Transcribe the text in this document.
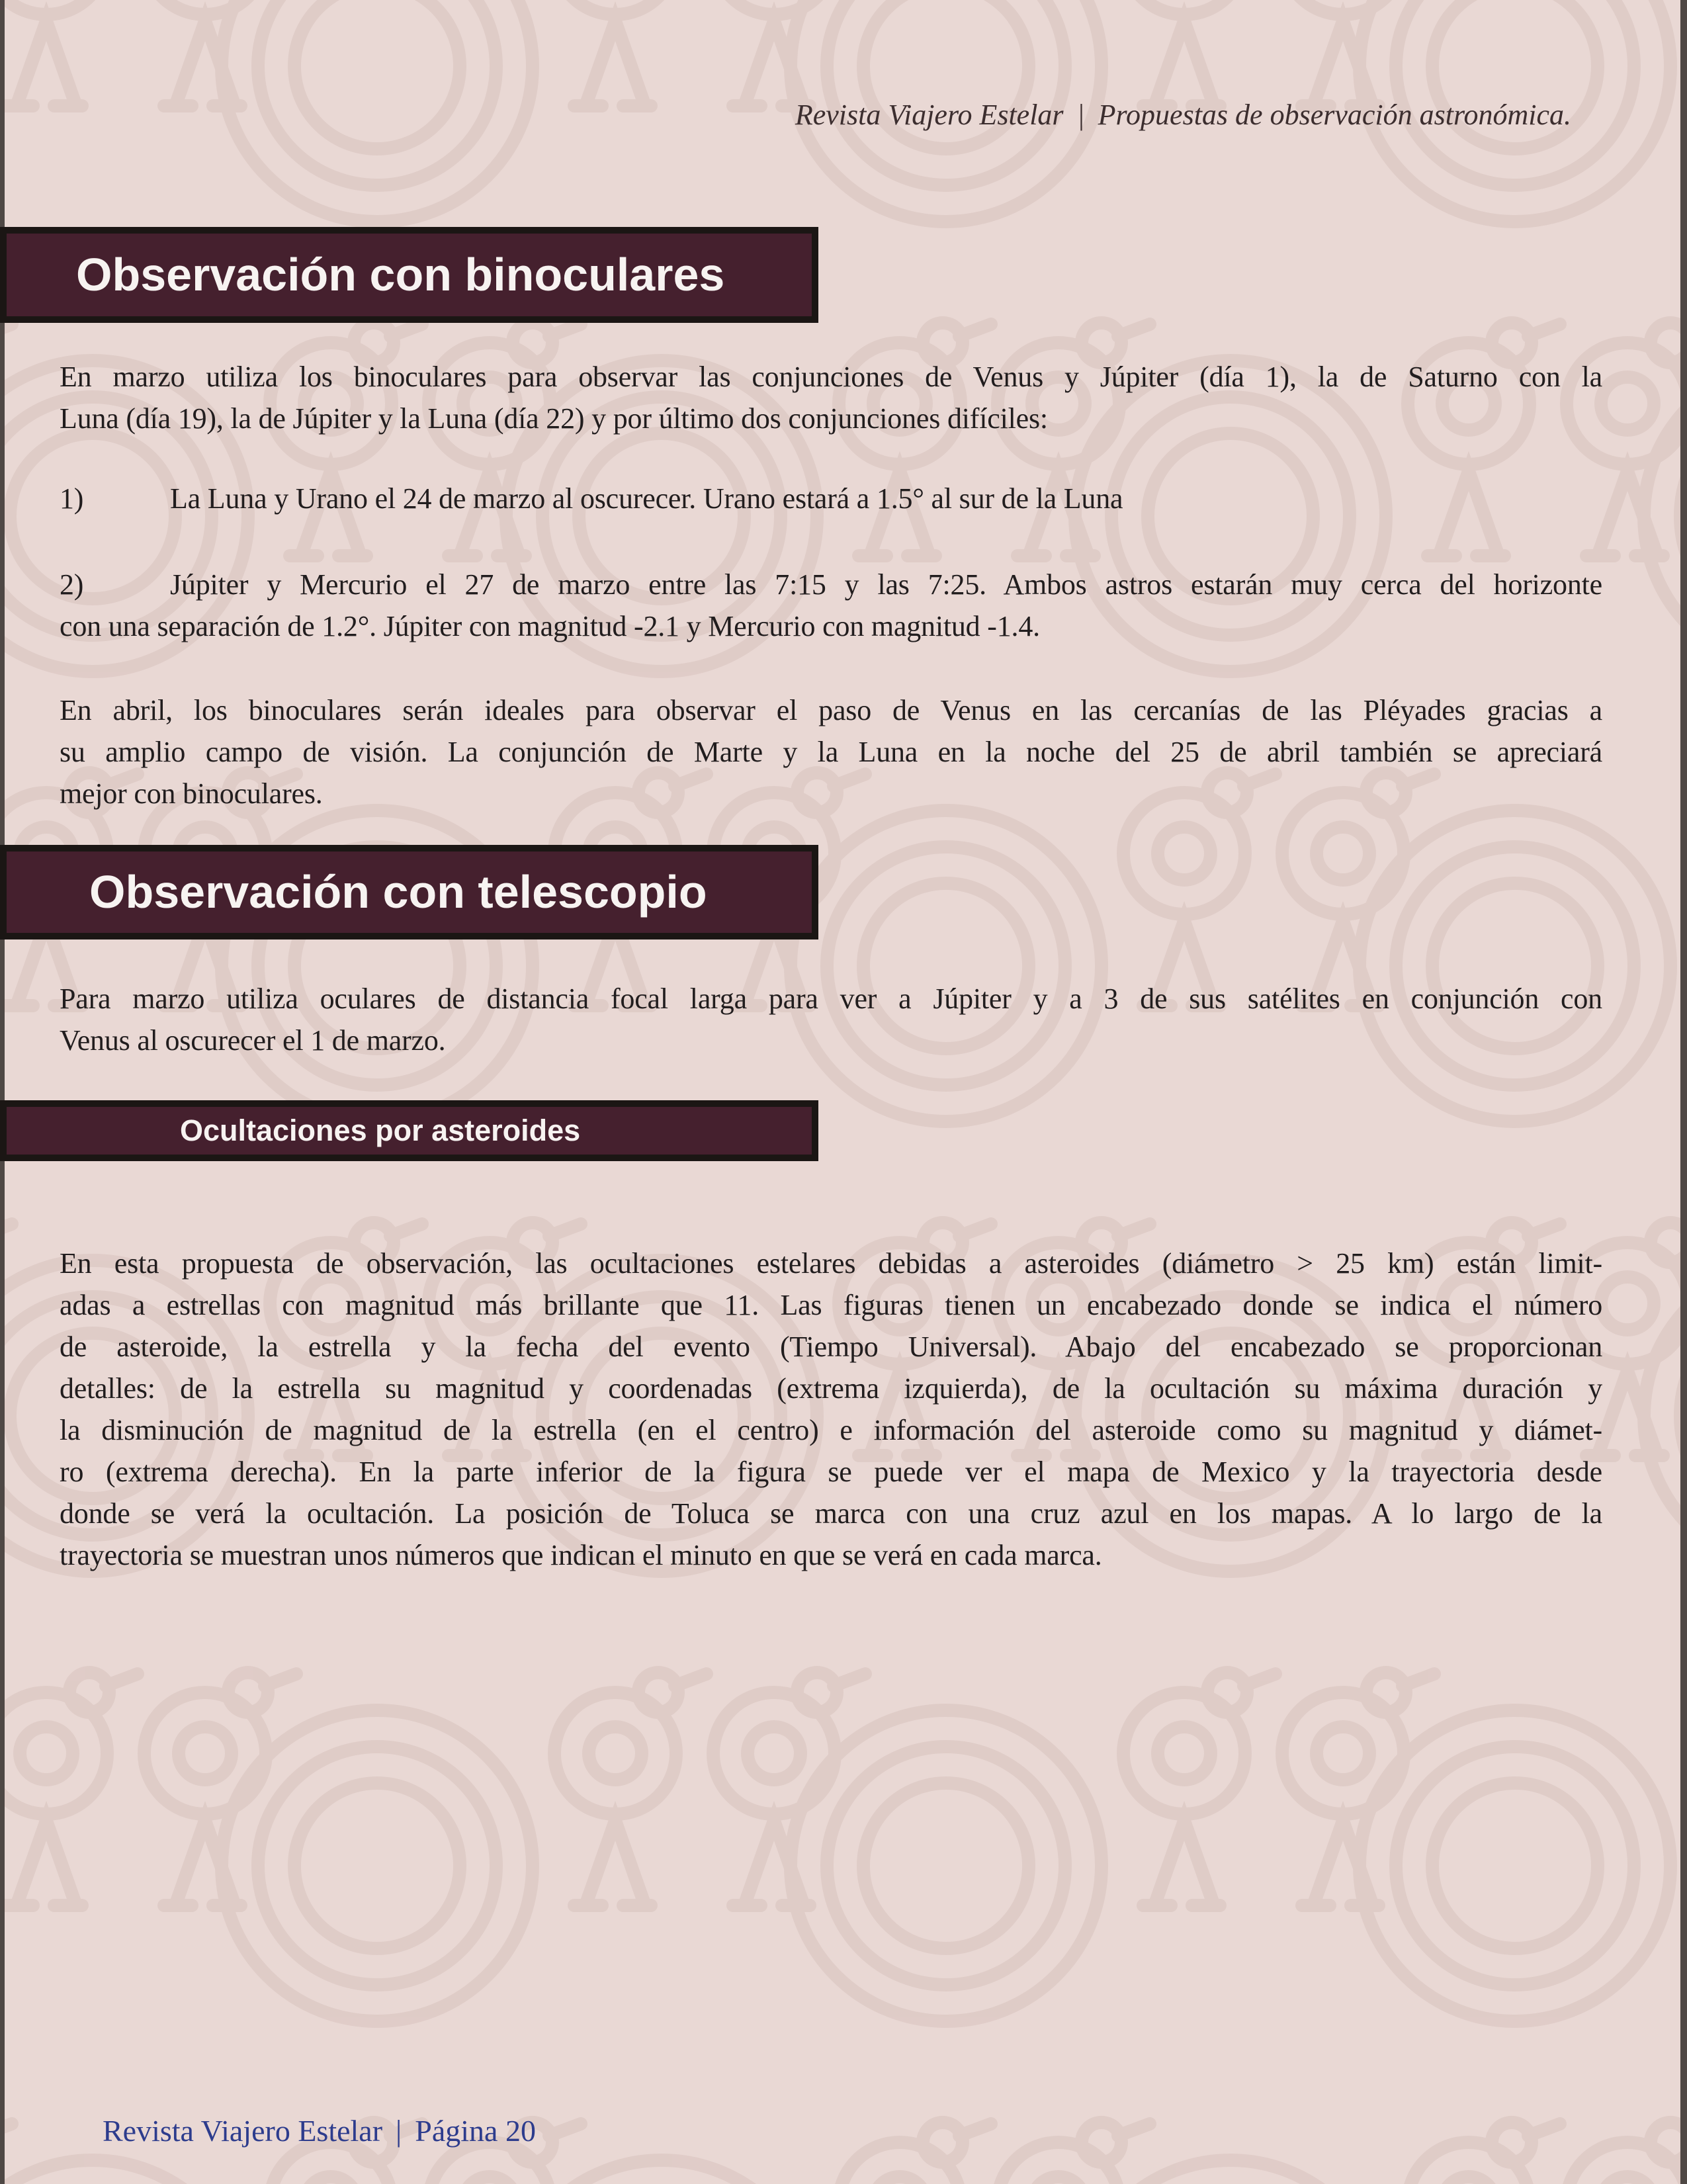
Revista Viajero Estelar | Propuestas de observación astronómica.
Observación con binoculares
En marzo utiliza los binoculares para observar las conjunciones de Venus y Júpiter (día 1), la de Saturno con la
Luna (día 19), la de Júpiter y la Luna (día 22) y por último dos conjunciones difíciles:
1)	La Luna y Urano el 24 de marzo al oscurecer. Urano estará a 1.5° al sur de la Luna
2)	Júpiter y Mercurio el 27 de marzo entre las 7:15 y las 7:25. Ambos astros estarán muy cerca del horizonte
con una separación de 1.2°. Júpiter con magnitud -2.1 y Mercurio con magnitud -1.4.
En abril, los binoculares serán ideales para observar el paso de Venus en las cercanías de las Pléyades gracias a
su amplio campo de visión. La conjunción de Marte y la Luna en la noche del 25 de abril también se apreciará
mejor con binoculares.
Observación con telescopio
Para marzo utiliza oculares de distancia focal larga para ver a Júpiter y a 3 de sus satélites en conjunción con
Venus al oscurecer el 1 de marzo.
Ocultaciones por asteroides
En esta propuesta de observación, las ocultaciones estelares debidas a asteroides (diámetro > 25 km) están limit-
adas a estrellas con magnitud más brillante que 11. Las figuras tienen un encabezado donde se indica el número
de asteroide, la estrella y la fecha del evento (Tiempo Universal). Abajo del encabezado se proporcionan
detalles: de la estrella su magnitud y coordenadas (extrema izquierda), de la ocultación su máxima duración y
la disminución de magnitud de la estrella (en el centro) e información del asteroide como su magnitud y diámet-
ro (extrema derecha). En la parte inferior de la figura se puede ver el mapa de Mexico y la trayectoria desde
donde se verá la ocultación. La posición de Toluca se marca con una cruz azul en los mapas. A lo largo de la
trayectoria se muestran unos números que indican el minuto en que se verá en cada marca.
Revista Viajero Estelar | Página 20
